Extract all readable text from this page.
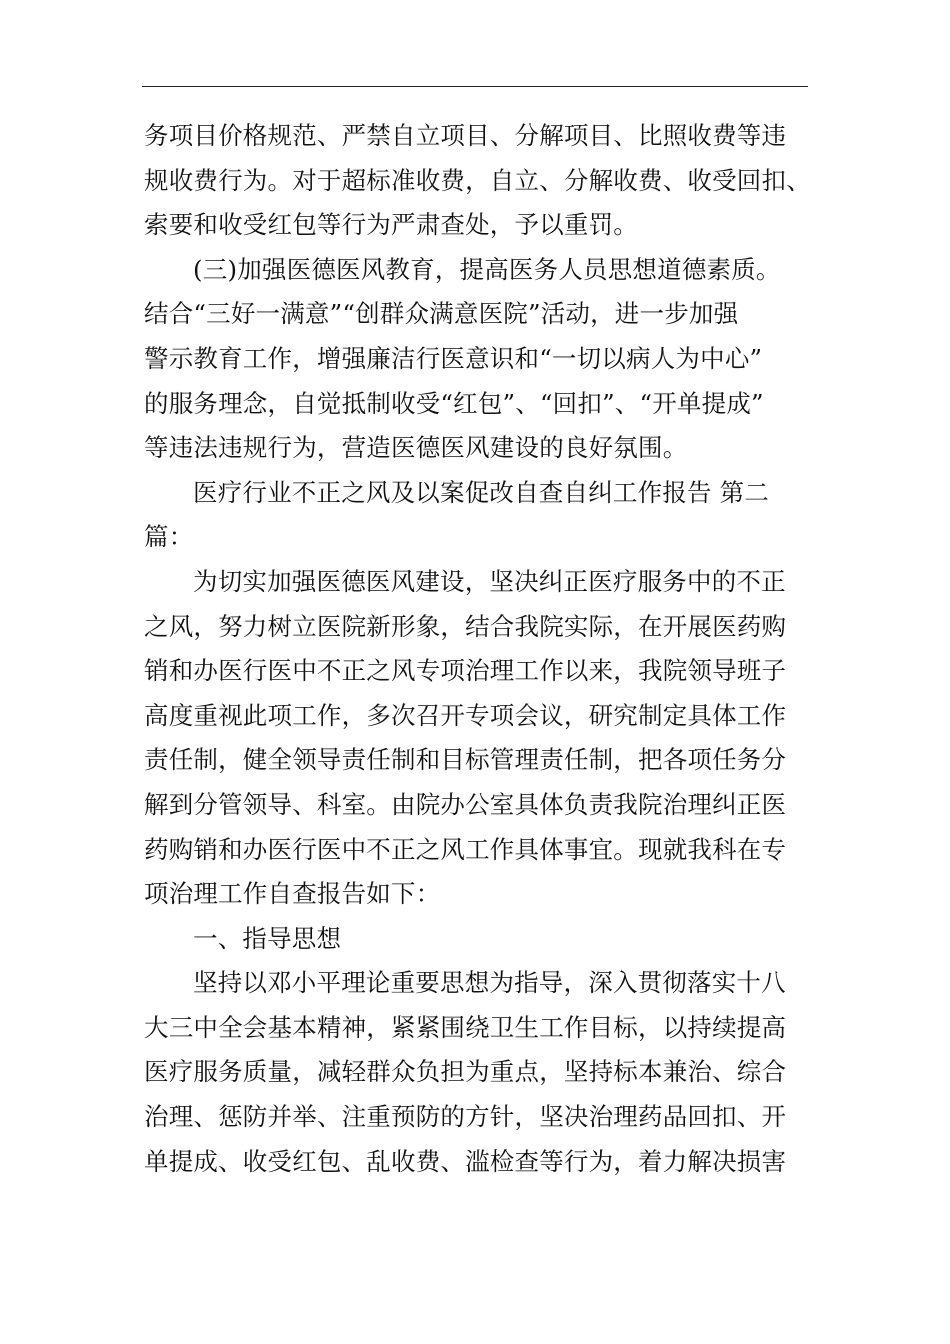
务项目价格规范、严禁自立项目、分解项目、比照收费等违
规收费行为。对于超标准收费，自立、分解收费、收受回扣、
索要和收受红包等行为严肃查处，予以重罚。
(三)加强医德医风教育，提高医务人员思想道德素质。
结合“三好一满意”“创群众满意医院”活动，进一步加强
警示教育工作，增强廉洁行医意识和“一切以病人为中心”
的服务理念，自觉抵制收受“红包”、“回扣”、“开单提成”
等违法违规行为，营造医德医风建设的良好氛围。
医疗行业不正之风及以案促改自查自纠工作报告 第二
篇：
为切实加强医德医风建设，坚决纠正医疗服务中的不正
之风，努力树立医院新形象，结合我院实际，在开展医药购
销和办医行医中不正之风专项治理工作以来，我院领导班子
高度重视此项工作，多次召开专项会议，研究制定具体工作
责任制，健全领导责任制和目标管理责任制，把各项任务分
解到分管领导、科室。由院办公室具体负责我院治理纠正医
药购销和办医行医中不正之风工作具体事宜。现就我科在专
项治理工作自查报告如下：
一、指导思想
坚持以邓小平理论重要思想为指导，深入贯彻落实十八
大三中全会基本精神，紧紧围绕卫生工作目标，以持续提高
医疗服务质量，减轻群众负担为重点，坚持标本兼治、综合
治理、惩防并举、注重预防的方针，坚决治理药品回扣、开
单提成、收受红包、乱收费、滥检查等行为，着力解决损害
